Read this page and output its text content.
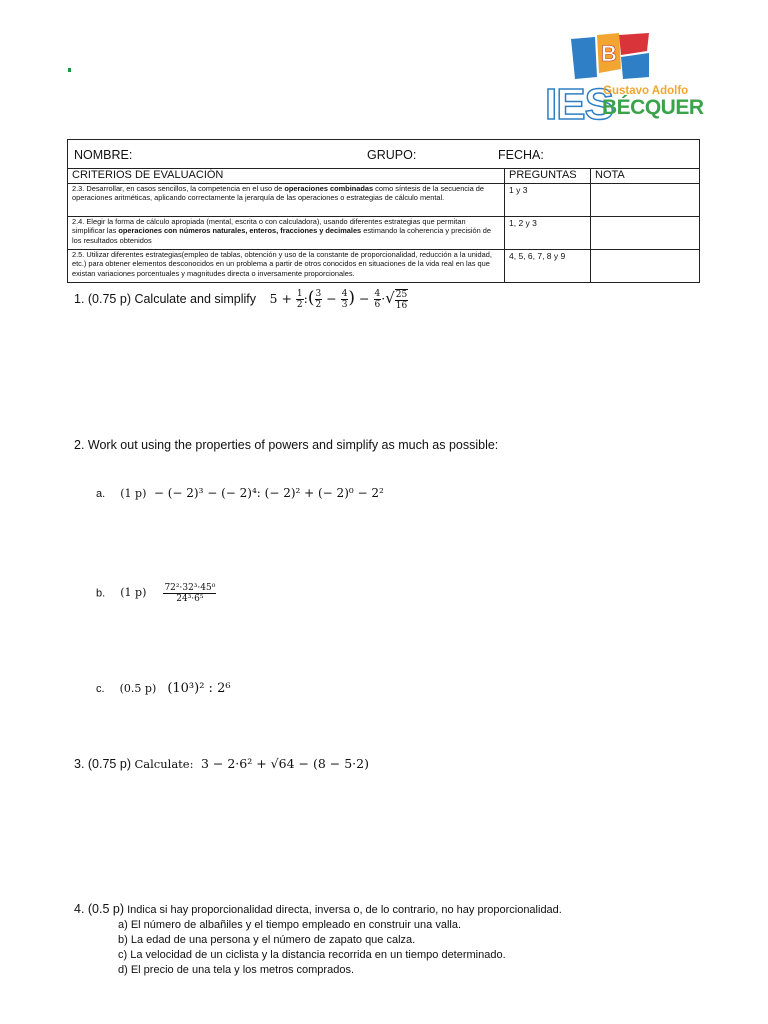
B
IES
Gustavo Adolfo
BÉCQUER
NOMBRE: GRUPO: FECHA:		

CRITERIOS DE EVALUACIÓN	PREGUNTAS	NOTA
2.3. Desarrollar, en casos sencillos, la competencia en el uso de operaciones combinadas como síntesis de la secuencia de operaciones aritméticas, aplicando correctamente la jerarquía de las operaciones o estrategias de cálculo mental.	1 y 3	
2.4. Elegir la forma de cálculo apropiada (mental, escrita o con calculadora), usando diferentes estrategias que permitan simplificar las operaciones con números naturales, enteros, fracciones y decimales estimando la coherencia y precisión de los resultados obtenidos	1, 2 y 3	
2.5. Utilizar diferentes estrategias(empleo de tablas, obtención y uso de la constante de proporcionalidad, reducción a la unidad, etc.) para obtener elementos desconocidos en un problema a partir de otros conocidos en situaciones de la vida real en las que existan variaciones porcentuales y magnitudes directa o inversamente proporcionales.	4, 5, 6, 7, 8 y 9	
1. (0.75 p) Calculate and simplify $5 + \frac{1}{2}$ :( $\frac{3}{2} - \frac{4}{3}$ ) − $\frac{4}{6}$ ·√ $\frac{25}{16}$
2. Work out using the properties of powers and simplify as much as possible:
a. (1 p) − (− 2)³ − (− 2)⁴: (− 2)² + (− 2)⁰ − 2²
b. (1 $p) \frac{\text{72²·32³·45⁰}}{\text{24³·6⁵}}$
c. (0.5 p) (10³)² : 2⁶
3. (0.75 p) Calculate: 3 − 2·6² + √64 − (8 − 5·2)
4. (0.5 p) Indica si hay proporcionalidad directa, inversa o, de lo contrario, no hay proporcionalidad.
a) El número de albañiles y el tiempo empleado en construir una valla.
b) La edad de una persona y el número de zapato que calza.
c) La velocidad de un ciclista y la distancia recorrida en un tiempo determinado.
d) El precio de una tela y los metros comprados.
